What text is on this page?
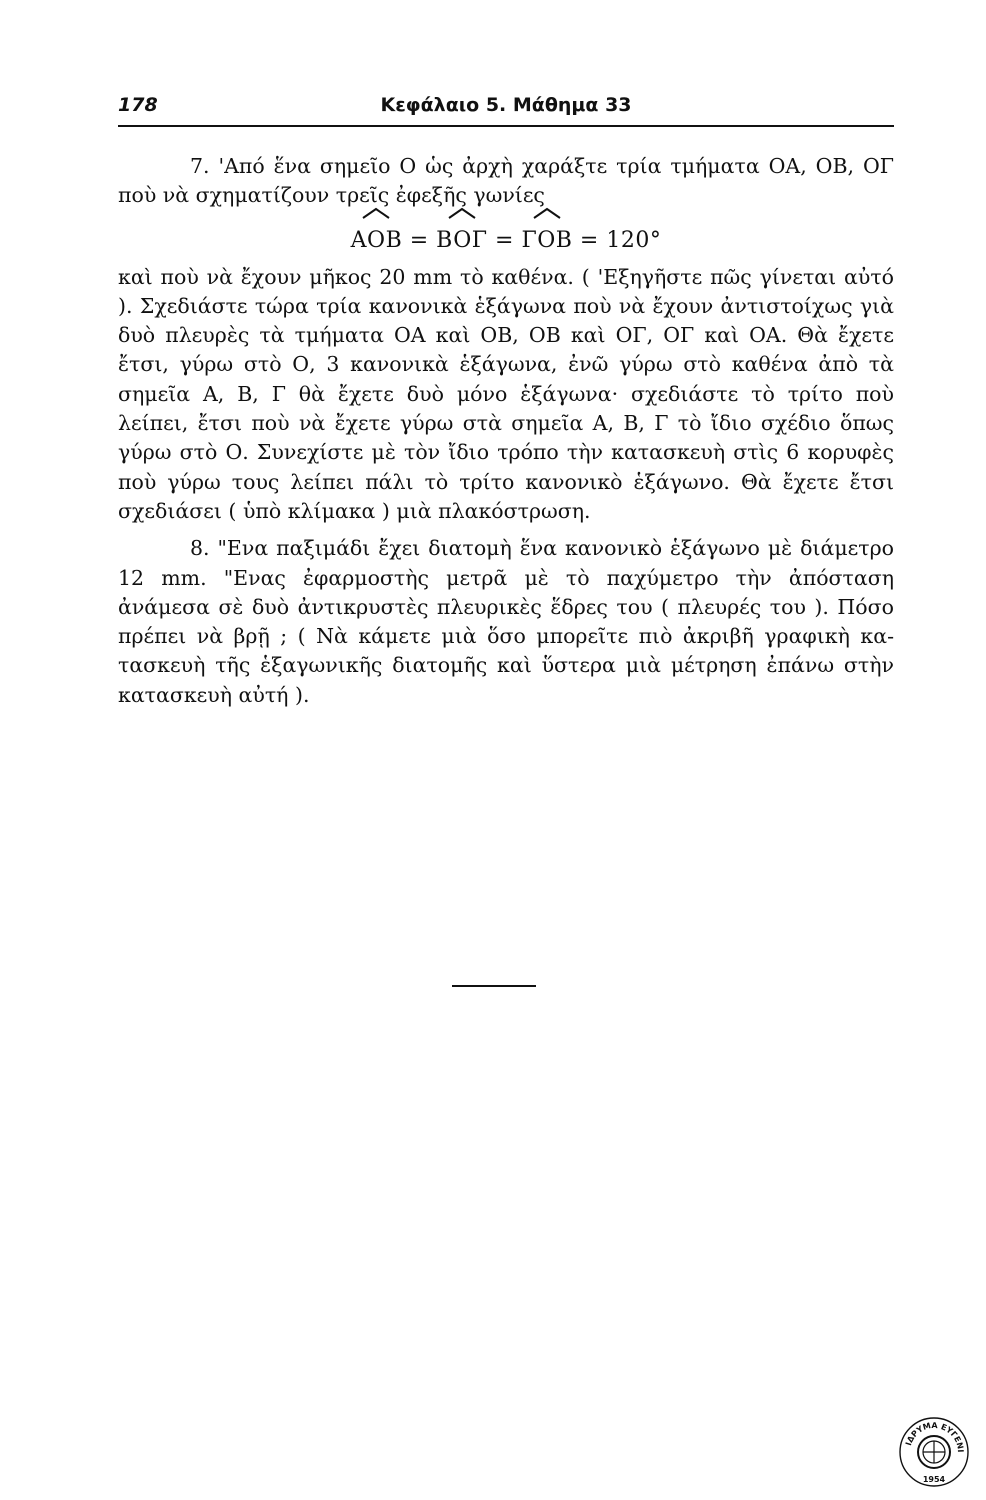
178	Κεφάλαιο 5. Μάθημα 33

7. 'Από ἕνα σημεῖο Ο ὡς ἀρχὴ χαράξτε τρία τμήματα ΟΑ, ΟΒ, ΟΓ ποὺ νὰ σχηματίζουν τρεῖς ἐφεξῆς γωνίες

AOB =
BOΓ =
ΓOB = 120°

καὶ ποὺ νὰ ἔχουν μῆκος 20 mm τὸ καθένα. ( 'Εξηγῆστε πῶς γίνεται αὐτό ). Σχεδιάστε τώρα τρία κανονικὰ ἑξάγωνα ποὺ νὰ ἔχουν ἀντιστοίχως γιὰ δυὸ πλευρὲς τὰ τμήματα ΟΑ καὶ ΟΒ, ΟΒ καὶ ΟΓ, ΟΓ καὶ ΟΑ. Θὰ ἔχετε ἔτσι, γύρω στὸ Ο, 3 κανονικὰ ἑξάγωνα, ἐνῶ γύρω στὸ καθένα ἀπὸ τὰ σημεῖα Α, Β, Γ θὰ ἔχετε δυὸ μόνο ἑξάγωνα· σχεδιάστε τὸ τρίτο ποὺ λείπει, ἔτσι ποὺ νὰ ἔχετε γύρω στὰ σημεῖα Α, Β, Γ τὸ ἴδιο σχέδιο ὅπως γύρω στὸ Ο. Συνεχίστε μὲ τὸν ἴδιο τρόπο τὴν κατασκευὴ στὶς 6 κορυφὲς ποὺ γύρω τους λείπει πάλι τὸ τρίτο κανονικὸ ἑξάγωνο. Θὰ ἔχετε ἔτσι σχεδιάσει ( ὑπὸ κλίμακα ) μιὰ πλακόστρωση.

8. "Ενα παξιμάδι ἔχει διατομὴ ἕνα κανονικὸ ἑξάγωνο μὲ διάμετρο 12 mm. "Ενας ἐφαρμοστὴς μετρᾶ μὲ τὸ παχύμετρο τὴν ἀπόσταση ἀνάμεσα σὲ δυὸ ἀντικρυστὲς πλευρικὲς ἕδρες του ( πλευρές του ). Πόσο πρέπει νὰ βρῇ ; ( Νὰ κάμετε μιὰ ὅσο μπορεῖτε πιὸ ἀκριβῆ γραφικὴ κατασκευὴ τῆς ἑξαγωνικῆς διατομῆς καὶ ὕστερα μιὰ μέτρηση ἐπάνω στὴν κατασκευὴ αὐτή ).

ΙΔΡΥΜΑ ΕΥΓΕΝΙ
1954
